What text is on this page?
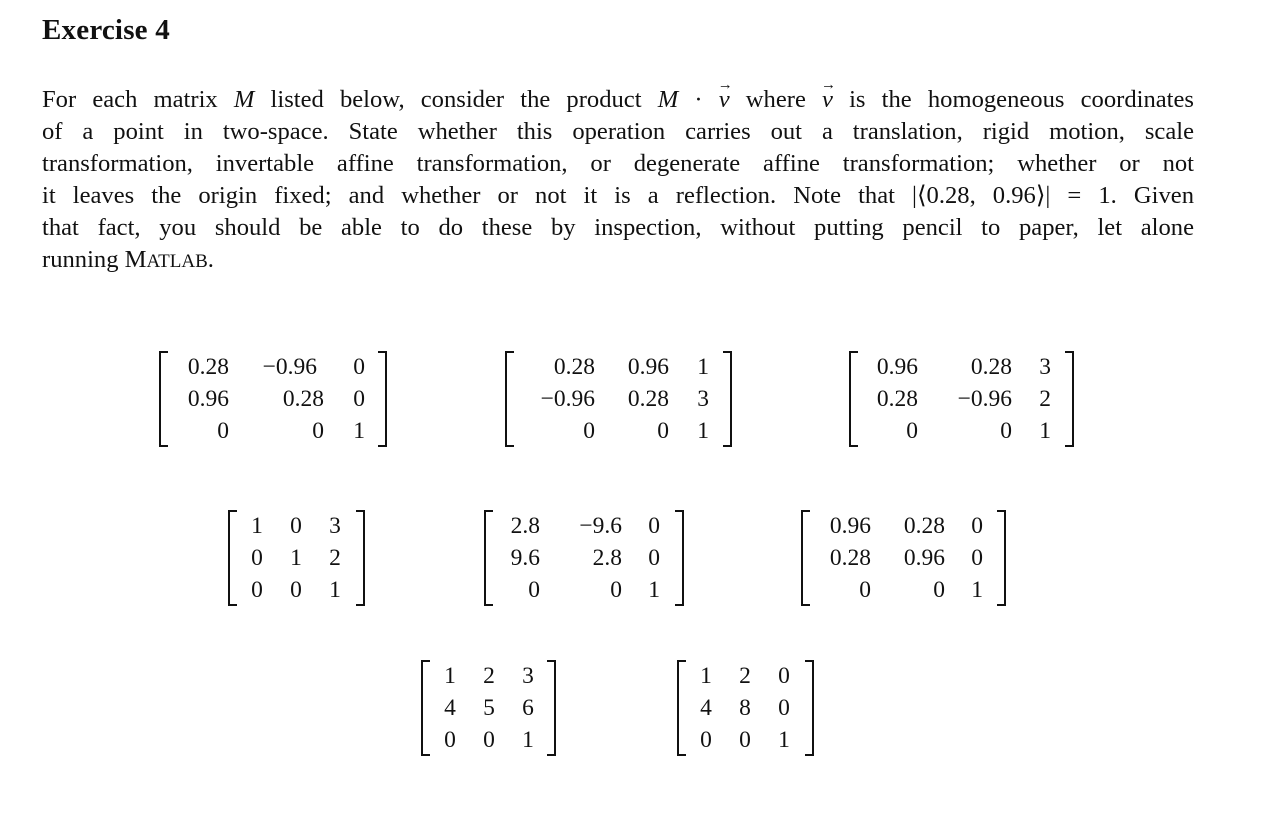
Exercise 4
For each matrix M listed below, consider the product M · → v where → v is the homogeneous coordinates
of a point in two-space. State whether this operation carries out a translation, rigid motion, scale
transformation, invertable affine transformation, or degenerate affine transformation; whether or not
it leaves the origin fixed; and whether or not it is a reflection. Note that |⟨0.28, 0.96⟩| = 1. Given
that fact, you should be able to do these by inspection, without putting pencil to paper, let alone
running MATLAB.
0.28	−0.96	0
0.96	0.28	0
0	0	1
0.28	0.96	1
−0.96	0.28	3
0	0	1
0.96	0.28	3
0.28	−0.96	2
0	0	1
1 0 3
0 1 2
0 0 1
2.8	−9.6	0
9.6	2.8	0
0	0	1
0.96	0.28	0
0.28	0.96	0
0	0	1
1 2 3
4 5 6
0 0 1
1 2 0
4 8 0
0 0 1
